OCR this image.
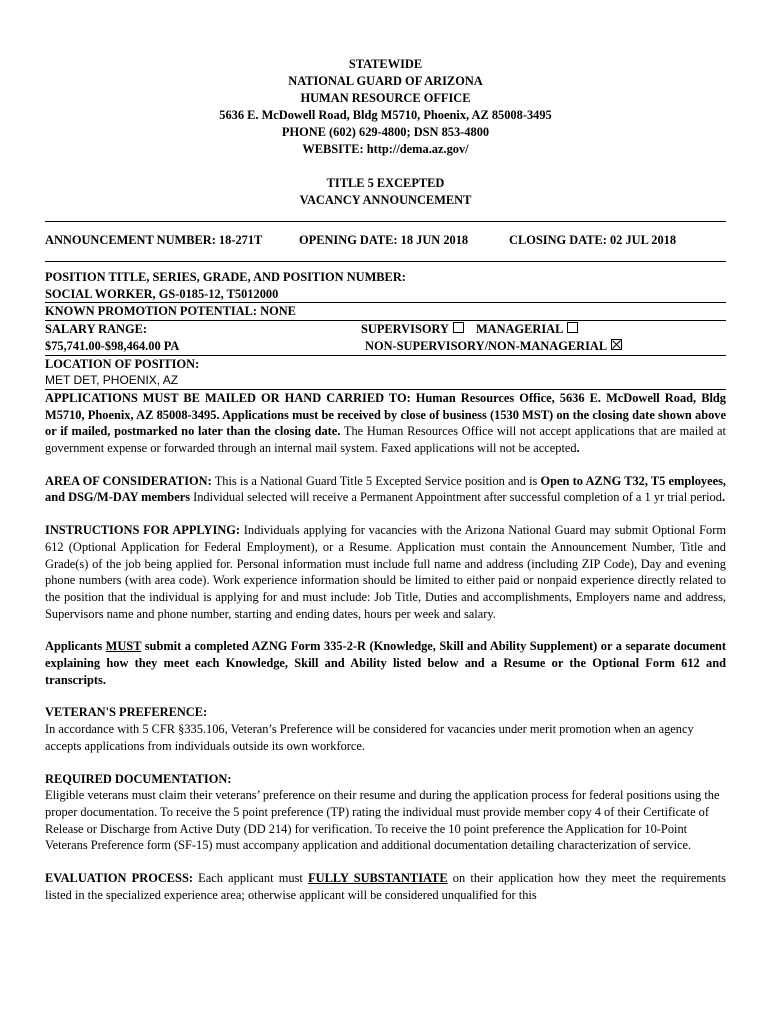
STATEWIDE
NATIONAL GUARD OF ARIZONA
HUMAN RESOURCE OFFICE
5636 E. McDowell Road, Bldg M5710, Phoenix, AZ 85008-3495
PHONE (602) 629-4800; DSN 853-4800
WEBSITE: http://dema.az.gov/
TITLE 5 EXCEPTED
VACANCY ANNOUNCEMENT
ANNOUNCEMENT NUMBER: 18-271T	OPENING DATE: 18 JUN 2018	CLOSING DATE: 02 JUL 2018
POSITION TITLE, SERIES, GRADE, AND POSITION NUMBER:
SOCIAL WORKER, GS-0185-12, T5012000
KNOWN PROMOTION POTENTIAL: NONE
SALARY RANGE:	SUPERVISORY MANAGERIAL
$75,741.00-$98,464.00 PA	NON-SUPERVISORY/NON-MANAGERIAL
LOCATION OF POSITION:
MET DET, PHOENIX, AZ

APPLICATIONS MUST BE MAILED OR HAND CARRIED TO: Human Resources Office, 5636 E. McDowell Road, Bldg M5710, Phoenix, AZ 85008-3495. Applications must be received by close of business (1530 MST) on the closing date shown above or if mailed, postmarked no later than the closing date. The Human Resources Office will not accept applications that are mailed at government expense or forwarded through an internal mail system. Faxed applications will not be accepted.

AREA OF CONSIDERATION: This is a National Guard Title 5 Excepted Service position and is Open to AZNG T32, T5 employees, and DSG/M-DAY members Individual selected will receive a Permanent Appointment after successful completion of a 1 yr trial period.

INSTRUCTIONS FOR APPLYING: Individuals applying for vacancies with the Arizona National Guard may submit Optional Form 612 (Optional Application for Federal Employment), or a Resume. Application must contain the Announcement Number, Title and Grade(s) of the job being applied for. Personal information must include full name and address (including ZIP Code), Day and evening phone numbers (with area code). Work experience information should be limited to either paid or nonpaid experience directly related to the position that the individual is applying for and must include: Job Title, Duties and accomplishments, Employers name and address, Supervisors name and phone number, starting and ending dates, hours per week and salary.

Applicants MUST submit a completed AZNG Form 335-2-R (Knowledge, Skill and Ability Supplement) or a separate document explaining how they meet each Knowledge, Skill and Ability listed below and a Resume or the Optional Form 612 and transcripts.

VETERAN'S PREFERENCE:

In accordance with 5 CFR §335.106, Veteran’s Preference will be considered for vacancies under merit promotion when an agency accepts applications from individuals outside its own workforce.

REQUIRED DOCUMENTATION:

Eligible veterans must claim their veterans’ preference on their resume and during the application process for federal positions using the proper documentation. To receive the 5 point preference (TP) rating the individual must provide member copy 4 of their Certificate of Release or Discharge from Active Duty (DD 214) for verification. To receive the 10 point preference the Application for 10-Point Veterans Preference form (SF-15) must accompany application and additional documentation detailing characterization of service.

EVALUATION PROCESS: Each applicant must FULLY SUBSTANTIATE on their application how they meet the requirements listed in the specialized experience area; otherwise applicant will be considered unqualified for this
